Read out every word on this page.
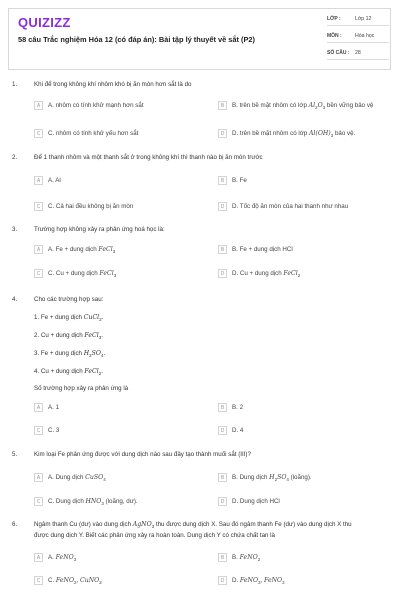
QUIZIZZ
58 câu Trắc nghiệm Hóa 12 (có đáp án): Bài tập lý thuyết về sắt (P2)
LỚP :	Lớp 12
MÔN :	Hóa học
SỐ CÂU : 28
1.	Khi để trong không khí nhôm khó bị ăn mòn hơn sắt là do
A	A. nhôm có tính khử mạnh hơn sắt	B	B. trên bề mặt nhôm có lớp $Al_2O_3$ bền vững bảo vệ
C	C. nhôm có tính khử yếu hơn sắt	D	D. trên bề mặt nhôm có lớp $Al(OH)_3$ bảo vệ.
2.	Để 1 thanh nhôm và một thanh sắt ở trong không khí thì thanh nào bị ăn mòn trước
A	A. Al	B	B. Fe
C	C. Cả hai đều không bị ăn mòn	D	D. Tốc độ ăn mòn của hai thanh như nhau
3.	Trường hợp không xảy ra phản ứng hoá học là:
A	A. Fe + dung dịch FeCl$_3$	B	B. Fe + dung dịch HCl
C	C. Cu + dung dịch FeCl$_3$	D	D. Cu + dung dịch FeCl$_2$
4.	Cho các trường hợp sau:
1. Fe + dung dịch CuCl$_2$.
2. Cu + dung dịch FeCl$_3$.
3. Fe + dung dịch $H_2SO_4$.
4. Cu + dung dịch FeCl$_2$.
Số trường hợp xảy ra phản ứng là
A	A. 1	B	B. 2
C	C. 3	D	D. 4
5.	Kim loại Fe phản ứng được với dung dịch nào sau đây tạo thành muối sắt (III)?
A	A. Dung dịch CuSO$_4$	B	B. Dung dịch $H_2SO_4$ (loãng).
C	C. Dung dịch $HNO_3$ (loãng, dư).	D	D. Dung dịch HCl
6.	Ngâm thanh Cu (dư) vào dung dịch AgNO$_3$ thu được dung dịch X. Sau đó ngâm thanh Fe (dư) vào dung dịch X thu
được dung dịch Y. Biết các phản ứng xảy ra hoàn toàn. Dung dịch Y có chứa chất tan là
A	A. FeNO$_3$	B	B. FeNO$_2$
C	C. FeNO$_2$, CuNO$_2$	D	D. FeNO$_3$, FeNO$_2$
